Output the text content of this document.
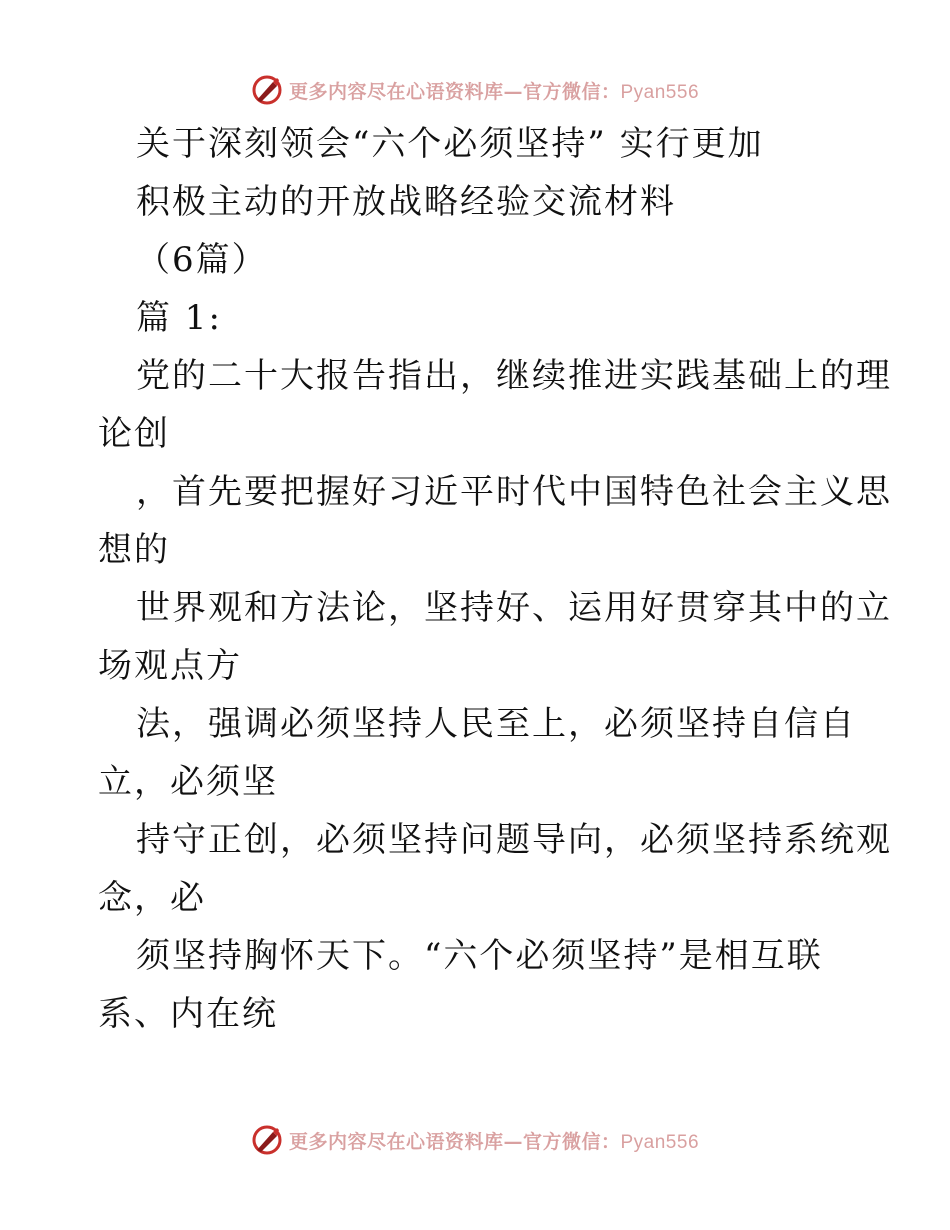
更多内容尽在心语资料库—官方微信：Pyan556
关于深刻领会“六个必须坚持” 实行更加
积极主动的开放战略经验交流材料
（6篇）
篇 1:
党的二十大报告指出，继续推进实践基础上的理
论创
，首先要把握好习近平时代中国特色社会主义思
想的
世界观和方法论，坚持好、运用好贯穿其中的立
场观点方
法，强调必须坚持人民至上，必须坚持自信自
立，必须坚
持守正创，必须坚持问题导向，必须坚持系统观
念，必
须坚持胸怀天下。“六个必须坚持”是相互联
系、内在统
更多内容尽在心语资料库—官方微信：Pyan556
